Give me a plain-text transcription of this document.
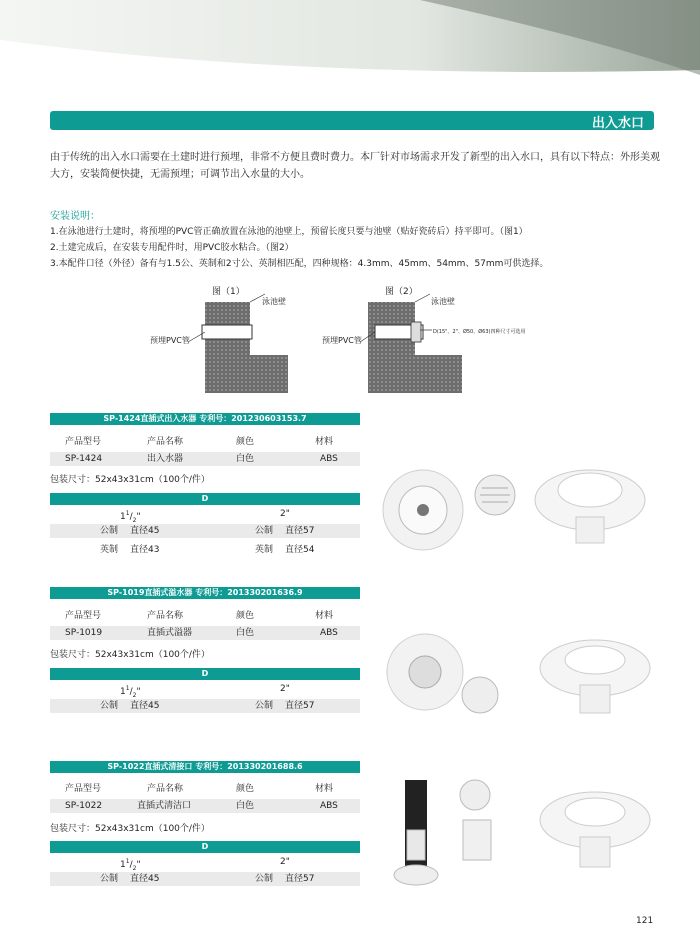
出入水口
由于传统的出入水口需要在土建时进行预埋，非常不方便且费时费力。本厂针对市场需求开发了新型的出入水口，具有以下特点：外形美观大方，安装简便快捷，无需预埋；可调节出入水量的大小。
安装说明：
1.在泳池进行土建时，将预埋的PVC管正确放置在泳池的池壁上，预留长度只要与池壁（贴好瓷砖后）持平即可。（图1）
2.土建完成后，在安装专用配件时，用PVC胶水粘合。（图2）
3.本配件口径（外径）备有与1.5公、英制和2寸公、英制相匹配，四种规格：4.3mm、45mm、54mm、57mm可供选择。
图（1）
泳池壁
预埋PVC管
图（2）
泳池壁
预埋PVC管
D(15"、2"、Ø50、Ø63)四种尺寸可选用
SP-1424直插式出入水器 专利号：201230603153.7
产品型号	产品名称	颜色	材料
SP-1424	出入水器	白色	ABS
包装尺寸：52x43x31cm（100个/件）
D
$1^1/_2$"	2"
公制 直径45	公制 直径57
英制 直径43	英制 直径54
SP-1019直插式溢水器 专利号：201330201636.9
产品型号	产品名称	颜色	材料
SP-1019	直插式溢器	白色	ABS
包装尺寸：52x43x31cm（100个/件）
D
$1^1/_2$"	2"
公制 直径45	公制 直径57
SP-1022直插式清接口 专利号：201330201688.6
产品型号	产品名称	颜色	材料
SP-1022	直插式清洁口	白色	ABS
包装尺寸：52x43x31cm（100个/件）
D
$1^1/_2$"	2"
公制 直径45	公制 直径57
121
